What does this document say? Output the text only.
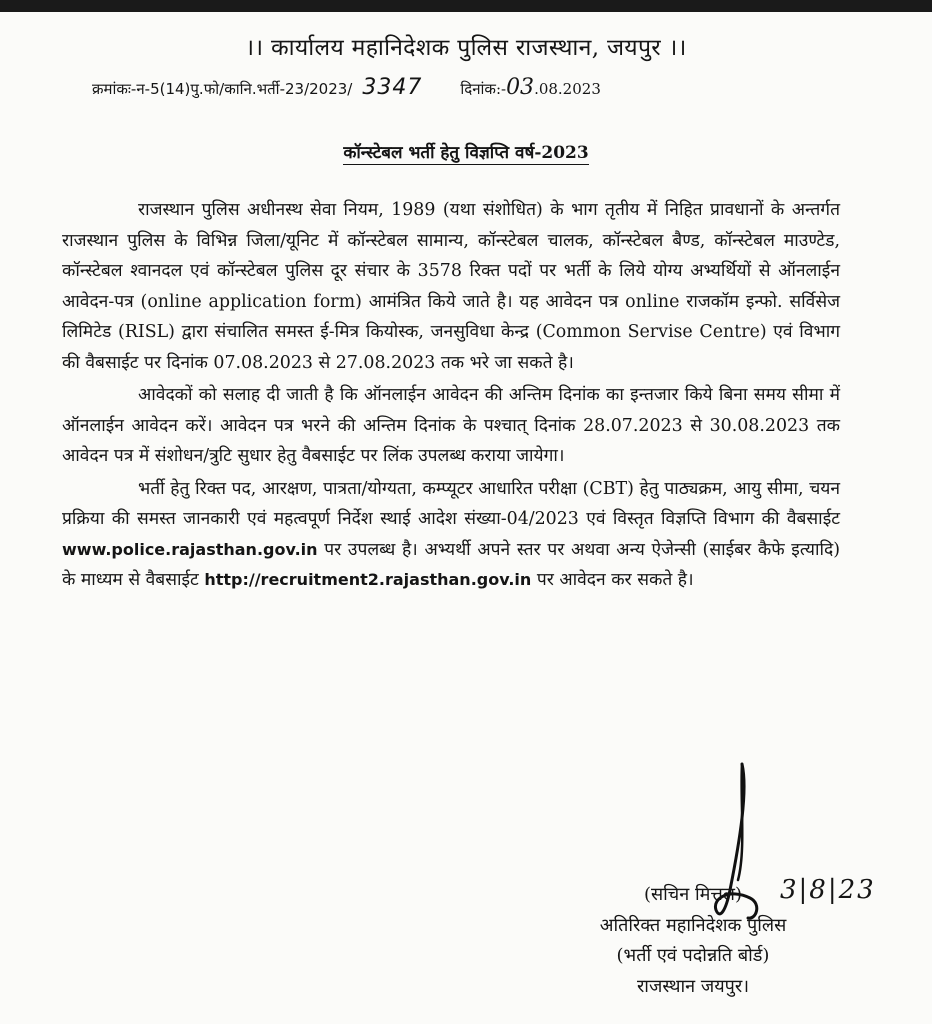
।। कार्यालय महानिदेशक पुलिस राजस्थान, जयपुर ।।
क्रमांकः-न-5(14)पु.फो/कानि.भर्ती-23/2023/ 3347	दिनांक:- 03 .08.2023
कॉन्स्टेबल भर्ती हेतु विज्ञप्ति वर्ष-2023

राजस्थान पुलिस अधीनस्थ सेवा नियम, 1989 (यथा संशोधित) के भाग तृतीय में निहित प्रावधानों के अन्तर्गत राजस्थान पुलिस के विभिन्न जिला/यूनिट में कॉन्स्टेबल सामान्य, कॉन्स्टेबल चालक, कॉन्स्टेबल बैण्ड, कॉन्स्टेबल माउण्टेड, कॉन्स्टेबल श्वानदल एवं कॉन्स्टेबल पुलिस दूर संचार के 3578 रिक्त पदों पर भर्ती के लिये योग्य अभ्यर्थियों से ऑनलाईन आवेदन-पत्र (online application form) आमंत्रित किये जाते है। यह आवेदन पत्र online राजकॉम इन्फो. सर्विसेज लिमिटेड (RISL) द्वारा संचालित समस्त ई-मित्र कियोस्क, जनसुविधा केन्द्र (Common Servise Centre) एवं विभाग की वैबसाईट पर दिनांक 07.08.2023 से 27.08.2023 तक भरे जा सकते है।

आवेदकों को सलाह दी जाती है कि ऑनलाईन आवेदन की अन्तिम दिनांक का इन्तजार किये बिना समय सीमा में ऑनलाईन आवेदन करें। आवेदन पत्र भरने की अन्तिम दिनांक के पश्चात् दिनांक 28.07.2023 से 30.08.2023 तक आवेदन पत्र में संशोधन/त्रुटि सुधार हेतु वैबसाईट पर लिंक उपलब्ध कराया जायेगा।

भर्ती हेतु रिक्त पद, आरक्षण, पात्रता/योग्यता, कम्प्यूटर आधारित परीक्षा (CBT) हेतु पाठ्यक्रम, आयु सीमा, चयन प्रक्रिया की समस्त जानकारी एवं महत्वपूर्ण निर्देश स्थाई आदेश संख्या-04/2023 एवं विस्तृत विज्ञप्ति विभाग की वैबसाईट www.police.rajasthan.gov.in पर उपलब्ध है। अभ्यर्थी अपने स्तर पर अथवा अन्य ऐजेन्सी (साईबर कैफे इत्यादि) के माध्यम से वैबसाईट http://recruitment2.rajasthan.gov.in पर आवेदन कर सकते है।

3|8|23
(सचिन मित्तल)
अतिरिक्त महानिदेशक पुलिस
(भर्ती एवं पदोन्नति बोर्ड)
राजस्थान जयपुर।
